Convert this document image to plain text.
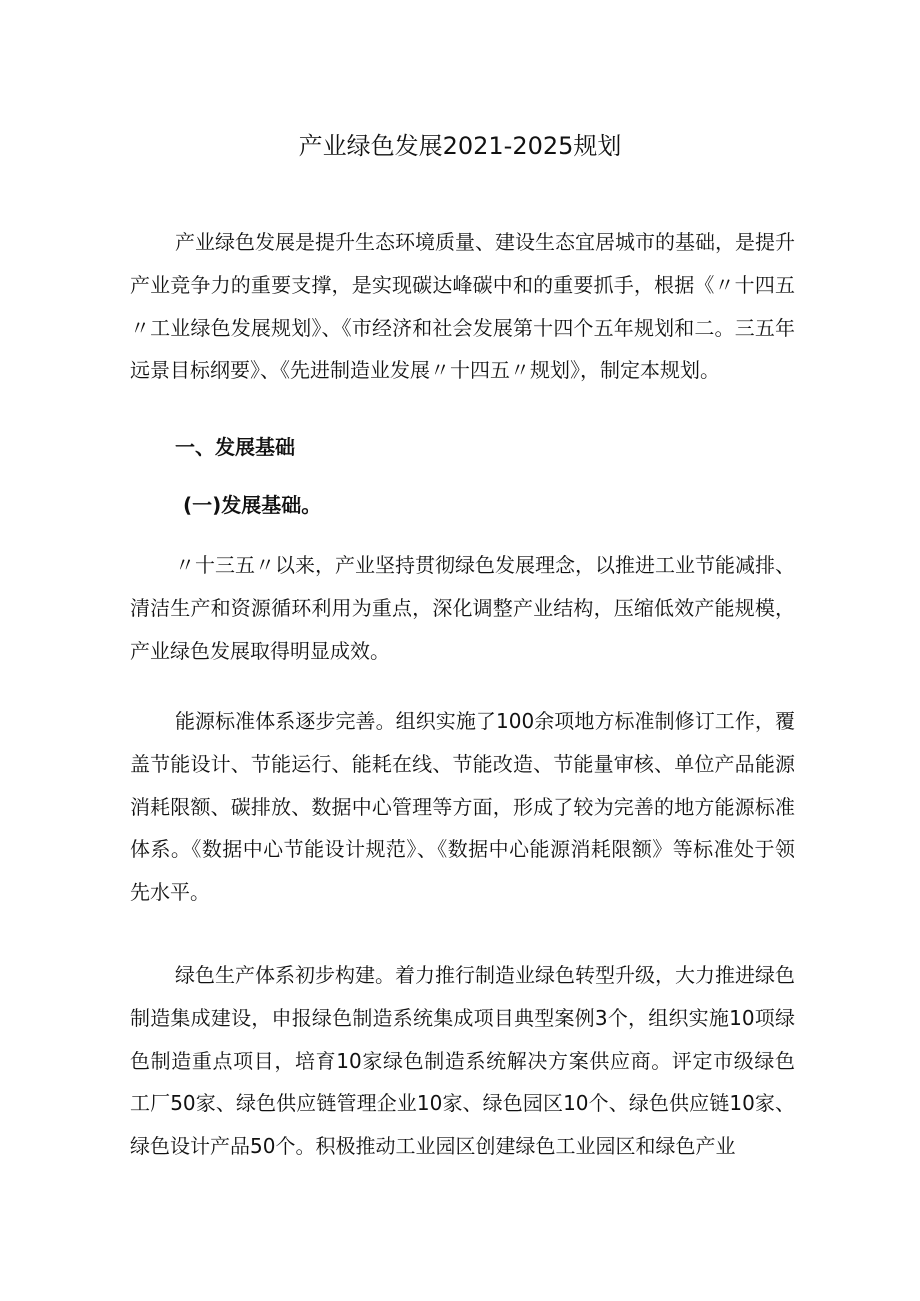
产业绿色发展2021-2025规划

产业绿色发展是提升生态环境质量、建设生态宜居城市的基础，是提升产业竞争力的重要支撑，是实现碳达峰碳中和的重要抓手，根据《〃十四五〃工业绿色发展规划》、《市经济和社会发展第十四个五年规划和二。三五年远景目标纲要》、《先进制造业发展〃十四五〃规划》，制定本规划。

一、发展基础
(一)发展基础。

〃十三五〃以来，产业坚持贯彻绿色发展理念，以推进工业节能减排、清洁生产和资源循环利用为重点，深化调整产业结构，压缩低效产能规模，产业绿色发展取得明显成效。

能源标准体系逐步完善。组织实施了100余项地方标准制修订工作，覆盖节能设计、节能运行、能耗在线、节能改造、节能量审核、单位产品能源消耗限额、碳排放、数据中心管理等方面，形成了较为完善的地方能源标准体系。《数据中心节能设计规范》、《数据中心能源消耗限额》等标准处于领先水平。

绿色生产体系初步构建。着力推行制造业绿色转型升级，大力推进绿色制造集成建设，申报绿色制造系统集成项目典型案例3个，组织实施10项绿色制造重点项目，培育10家绿色制造系统解决方案供应商。评定市级绿色工厂50家、绿色供应链管理企业10家、绿色园区10个、绿色供应链10家、绿色设计产品50个。积极推动工业园区创建绿色工业园区和绿色产业
